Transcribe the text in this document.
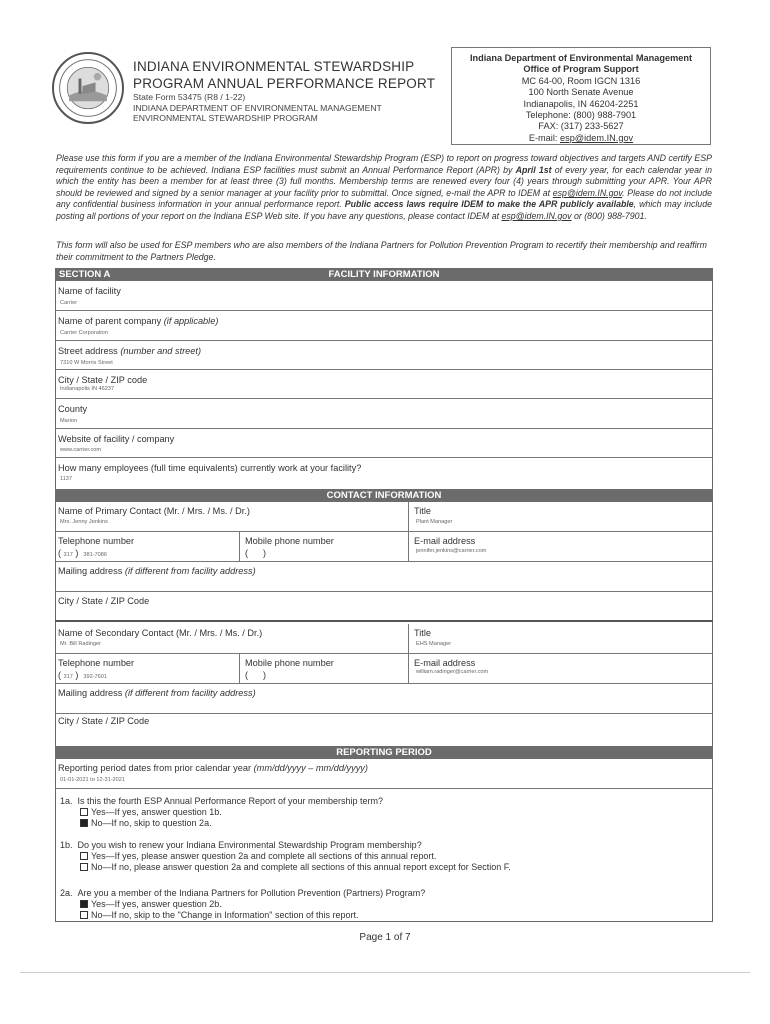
INDIANA ENVIRONMENTAL STEWARDSHIP
PROGRAM ANNUAL PERFORMANCE REPORT
State Form 53475 (R8 / 1-22)
INDIANA DEPARTMENT OF ENVIRONMENTAL MANAGEMENT
ENVIRONMENTAL STEWARDSHIP PROGRAM
Indiana Department of Environmental Management
Office of Program Support
MC 64-00, Room IGCN 1316
100 North Senate Avenue
Indianapolis, IN 46204-2251
Telephone: (800) 988-7901
FAX: (317) 233-5627
E-mail: esp@idem.IN.gov
Please use this form if you are a member of the Indiana Environmental Stewardship Program (ESP) to report on progress toward objectives and targets AND certify ESP requirements continue to be achieved. Indiana ESP facilities must submit an Annual Performance Report (APR) by April 1st of every year, for each calendar year in which the entity has been a member for at least three (3) full months. Membership terms are renewed every four (4) years through submitting your APR. Your APR should be reviewed and signed by a senior manager at your facility prior to submittal. Once signed, e-mail the APR to IDEM at esp@idem.IN.gov. Please do not include any confidential business information in your annual performance report. Public access laws require IDEM to make the APR publicly available, which may include posting all portions of your report on the Indiana ESP Web site. If you have any questions, please contact IDEM at esp@idem.IN.gov or (800) 988-7901.
This form will also be used for ESP members who are also members of the Indiana Partners for Pollution Prevention Program to recertify their membership and reaffirm their commitment to the Partners Pledge.
SECTION A	FACILITY INFORMATION
Name of facility
Carrier
Name of parent company (if applicable)
Carrier Corporation
Street address (number and street)
7310 W Morris Street
City / State / ZIP code
Indianapolis IN 46237
County
Marion
Website of facility / company
www.carrier.com
How many employees (full time equivalents) currently work at your facility?
1137
CONTACT INFORMATION
Name of Primary Contact (Mr. / Mrs. / Ms. / Dr.)
Mrs. Jenny Jenkins
Title
Plant Manager
Telephone number
( 317 )  381-7086
Mobile phone number
(      )
E-mail address
jennifer.jenkins@carrier.com
Mailing address (if different from facility address)
City / State / ZIP Code
Name of Secondary Contact (Mr. / Mrs. / Ms. / Dr.)
Mr. Bill Radinger
Title
EHS Manager
Telephone number
( 317 )  392-7601
Mobile phone number
(      )
E-mail address
william.radinger@carrier.com
Mailing address (if different from facility address)
City / State / ZIP Code
REPORTING PERIOD
Reporting period dates from prior calendar year (mm/dd/yyyy – mm/dd/yyyy)
01-01-2021 to 12-31-2021
1a. Is this the fourth ESP Annual Performance Report of your membership term?
Yes—If yes, answer question 1b.
No—If no, skip to question 2a.
1b. Do you wish to renew your Indiana Environmental Stewardship Program membership?
Yes—If yes, please answer question 2a and complete all sections of this annual report.
No—If no, please answer question 2a and complete all sections of this annual report except for Section F.
2a. Are you a member of the Indiana Partners for Pollution Prevention (Partners) Program?
Yes—If yes, answer question 2b.
No—If no, skip to the "Change in Information" section of this report.
Page 1 of 7
